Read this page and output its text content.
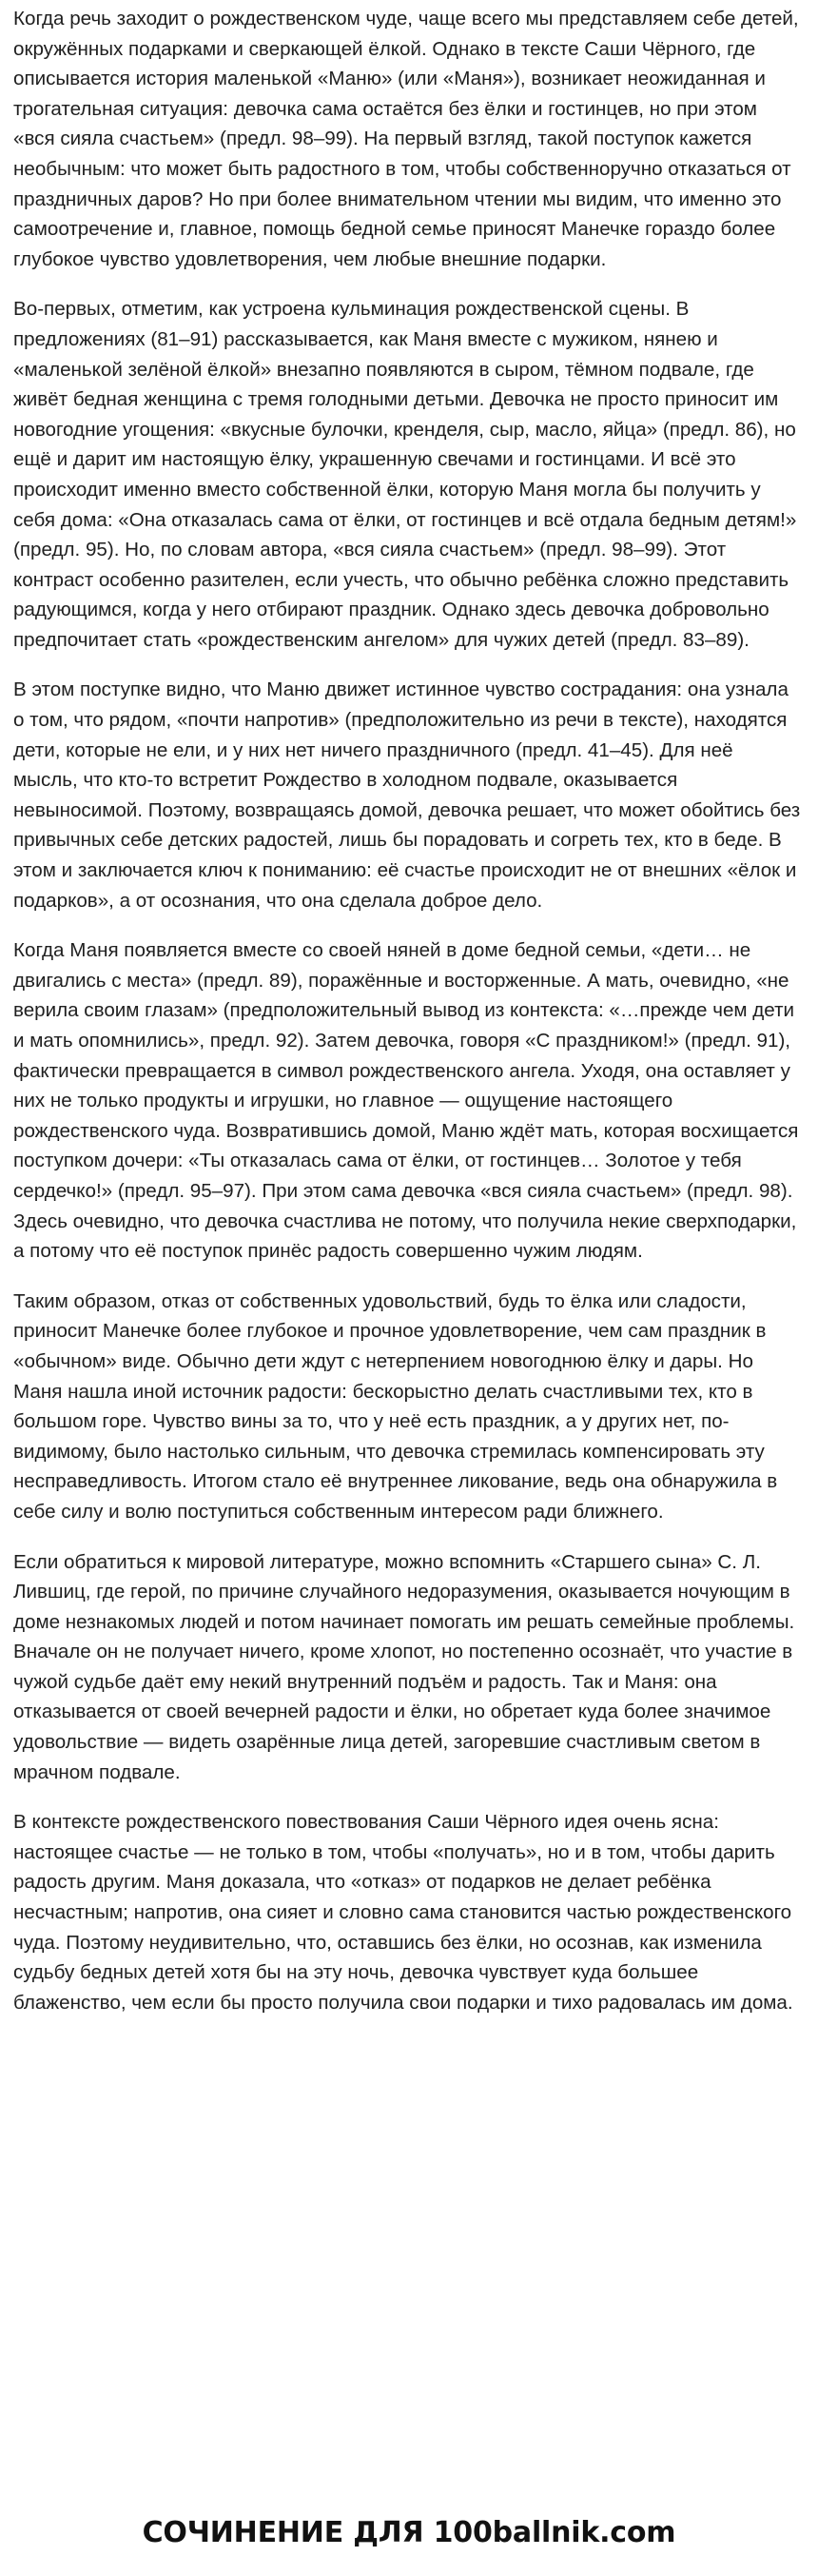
Когда речь заходит о рождественском чуде, чаще всего мы представляем себе детей, окружённых подарками и сверкающей ёлкой. Однако в тексте Саши Чёрного, где описывается история маленькой «Маню» (или «Маня»), возникает неожиданная и трогательная ситуация: девочка сама остаётся без ёлки и гостинцев, но при этом «вся сияла счастьем» (предл. 98–99). На первый взгляд, такой поступок кажется необычным: что может быть радостного в том, чтобы собственноручно отказаться от праздничных даров? Но при более внимательном чтении мы видим, что именно это самоотречение и, главное, помощь бедной семье приносят Манечке гораздо более глубокое чувство удовлетворения, чем любые внешние подарки.

Во-первых, отметим, как устроена кульминация рождественской сцены. В предложениях (81–91) рассказывается, как Маня вместе с мужиком, нянею и «маленькой зелёной ёлкой» внезапно появляются в сыром, тёмном подвале, где живёт бедная женщина с тремя голодными детьми. Девочка не просто приносит им новогодние угощения: «вкусные булочки, кренделя, сыр, масло, яйца» (предл. 86), но ещё и дарит им настоящую ёлку, украшенную свечами и гостинцами. И всё это происходит именно вместо собственной ёлки, которую Маня могла бы получить у себя дома: «Она отказалась сама от ёлки, от гостинцев и всё отдала бедным детям!» (предл. 95). Но, по словам автора, «вся сияла счастьем» (предл. 98–99). Этот контраст особенно разителен, если учесть, что обычно ребёнка сложно представить радующимся, когда у него отбирают праздник. Однако здесь девочка добровольно предпочитает стать «рождественским ангелом» для чужих детей (предл. 83–89).

В этом поступке видно, что Маню движет истинное чувство сострадания: она узнала о том, что рядом, «почти напротив» (предположительно из речи в тексте), находятся дети, которые не ели, и у них нет ничего праздничного (предл. 41–45). Для неё мысль, что кто-то встретит Рождество в холодном подвале, оказывается невыносимой. Поэтому, возвращаясь домой, девочка решает, что может обойтись без привычных себе детских радостей, лишь бы порадовать и согреть тех, кто в беде. В этом и заключается ключ к пониманию: её счастье происходит не от внешних «ёлок и подарков», а от осознания, что она сделала доброе дело.

Когда Маня появляется вместе со своей няней в доме бедной семьи, «дети… не двигались с места» (предл. 89), поражённые и восторженные. А мать, очевидно, «не верила своим глазам» (предположительный вывод из контекста: «…прежде чем дети и мать опомнились», предл. 92). Затем девочка, говоря «С праздником!» (предл. 91), фактически превращается в символ рождественского ангела. Уходя, она оставляет у них не только продукты и игрушки, но главное — ощущение настоящего рождественского чуда. Возвратившись домой, Маню ждёт мать, которая восхищается поступком дочери: «Ты отказалась сама от ёлки, от гостинцев… Золотое у тебя сердечко!» (предл. 95–97). При этом сама девочка «вся сияла счастьем» (предл. 98). Здесь очевидно, что девочка счастлива не потому, что получила некие сверхподарки, а потому что её поступок принёс радость совершенно чужим людям.

Таким образом, отказ от собственных удовольствий, будь то ёлка или сладости, приносит Манечке более глубокое и прочное удовлетворение, чем сам праздник в «обычном» виде. Обычно дети ждут с нетерпением новогоднюю ёлку и дары. Но Маня нашла иной источник радости: бескорыстно делать счастливыми тех, кто в большом горе. Чувство вины за то, что у неё есть праздник, а у других нет, по-видимому, было настолько сильным, что девочка стремилась компенсировать эту несправедливость. Итогом стало её внутреннее ликование, ведь она обнаружила в себе силу и волю поступиться собственным интересом ради ближнего.

Если обратиться к мировой литературе, можно вспомнить «Старшего сына» С. Л. Лившиц, где герой, по причине случайного недоразумения, оказывается ночующим в доме незнакомых людей и потом начинает помогать им решать семейные проблемы. Вначале он не получает ничего, кроме хлопот, но постепенно осознаёт, что участие в чужой судьбе даёт ему некий внутренний подъём и радость. Так и Маня: она отказывается от своей вечерней радости и ёлки, но обретает куда более значимое удовольствие — видеть озарённые лица детей, загоревшие счастливым светом в мрачном подвале.

В контексте рождественского повествования Саши Чёрного идея очень ясна: настоящее счастье — не только в том, чтобы «получать», но и в том, чтобы дарить радость другим. Маня доказала, что «отказ» от подарков не делает ребёнка несчастным; напротив, она сияет и словно сама становится частью рождественского чуда. Поэтому неудивительно, что, оставшись без ёлки, но осознав, как изменила судьбу бедных детей хотя бы на эту ночь, девочка чувствует куда большее блаженство, чем если бы просто получила свои подарки и тихо радовалась им дома.

СОЧИНЕНИЕ ДЛЯ 100ballnik.com
